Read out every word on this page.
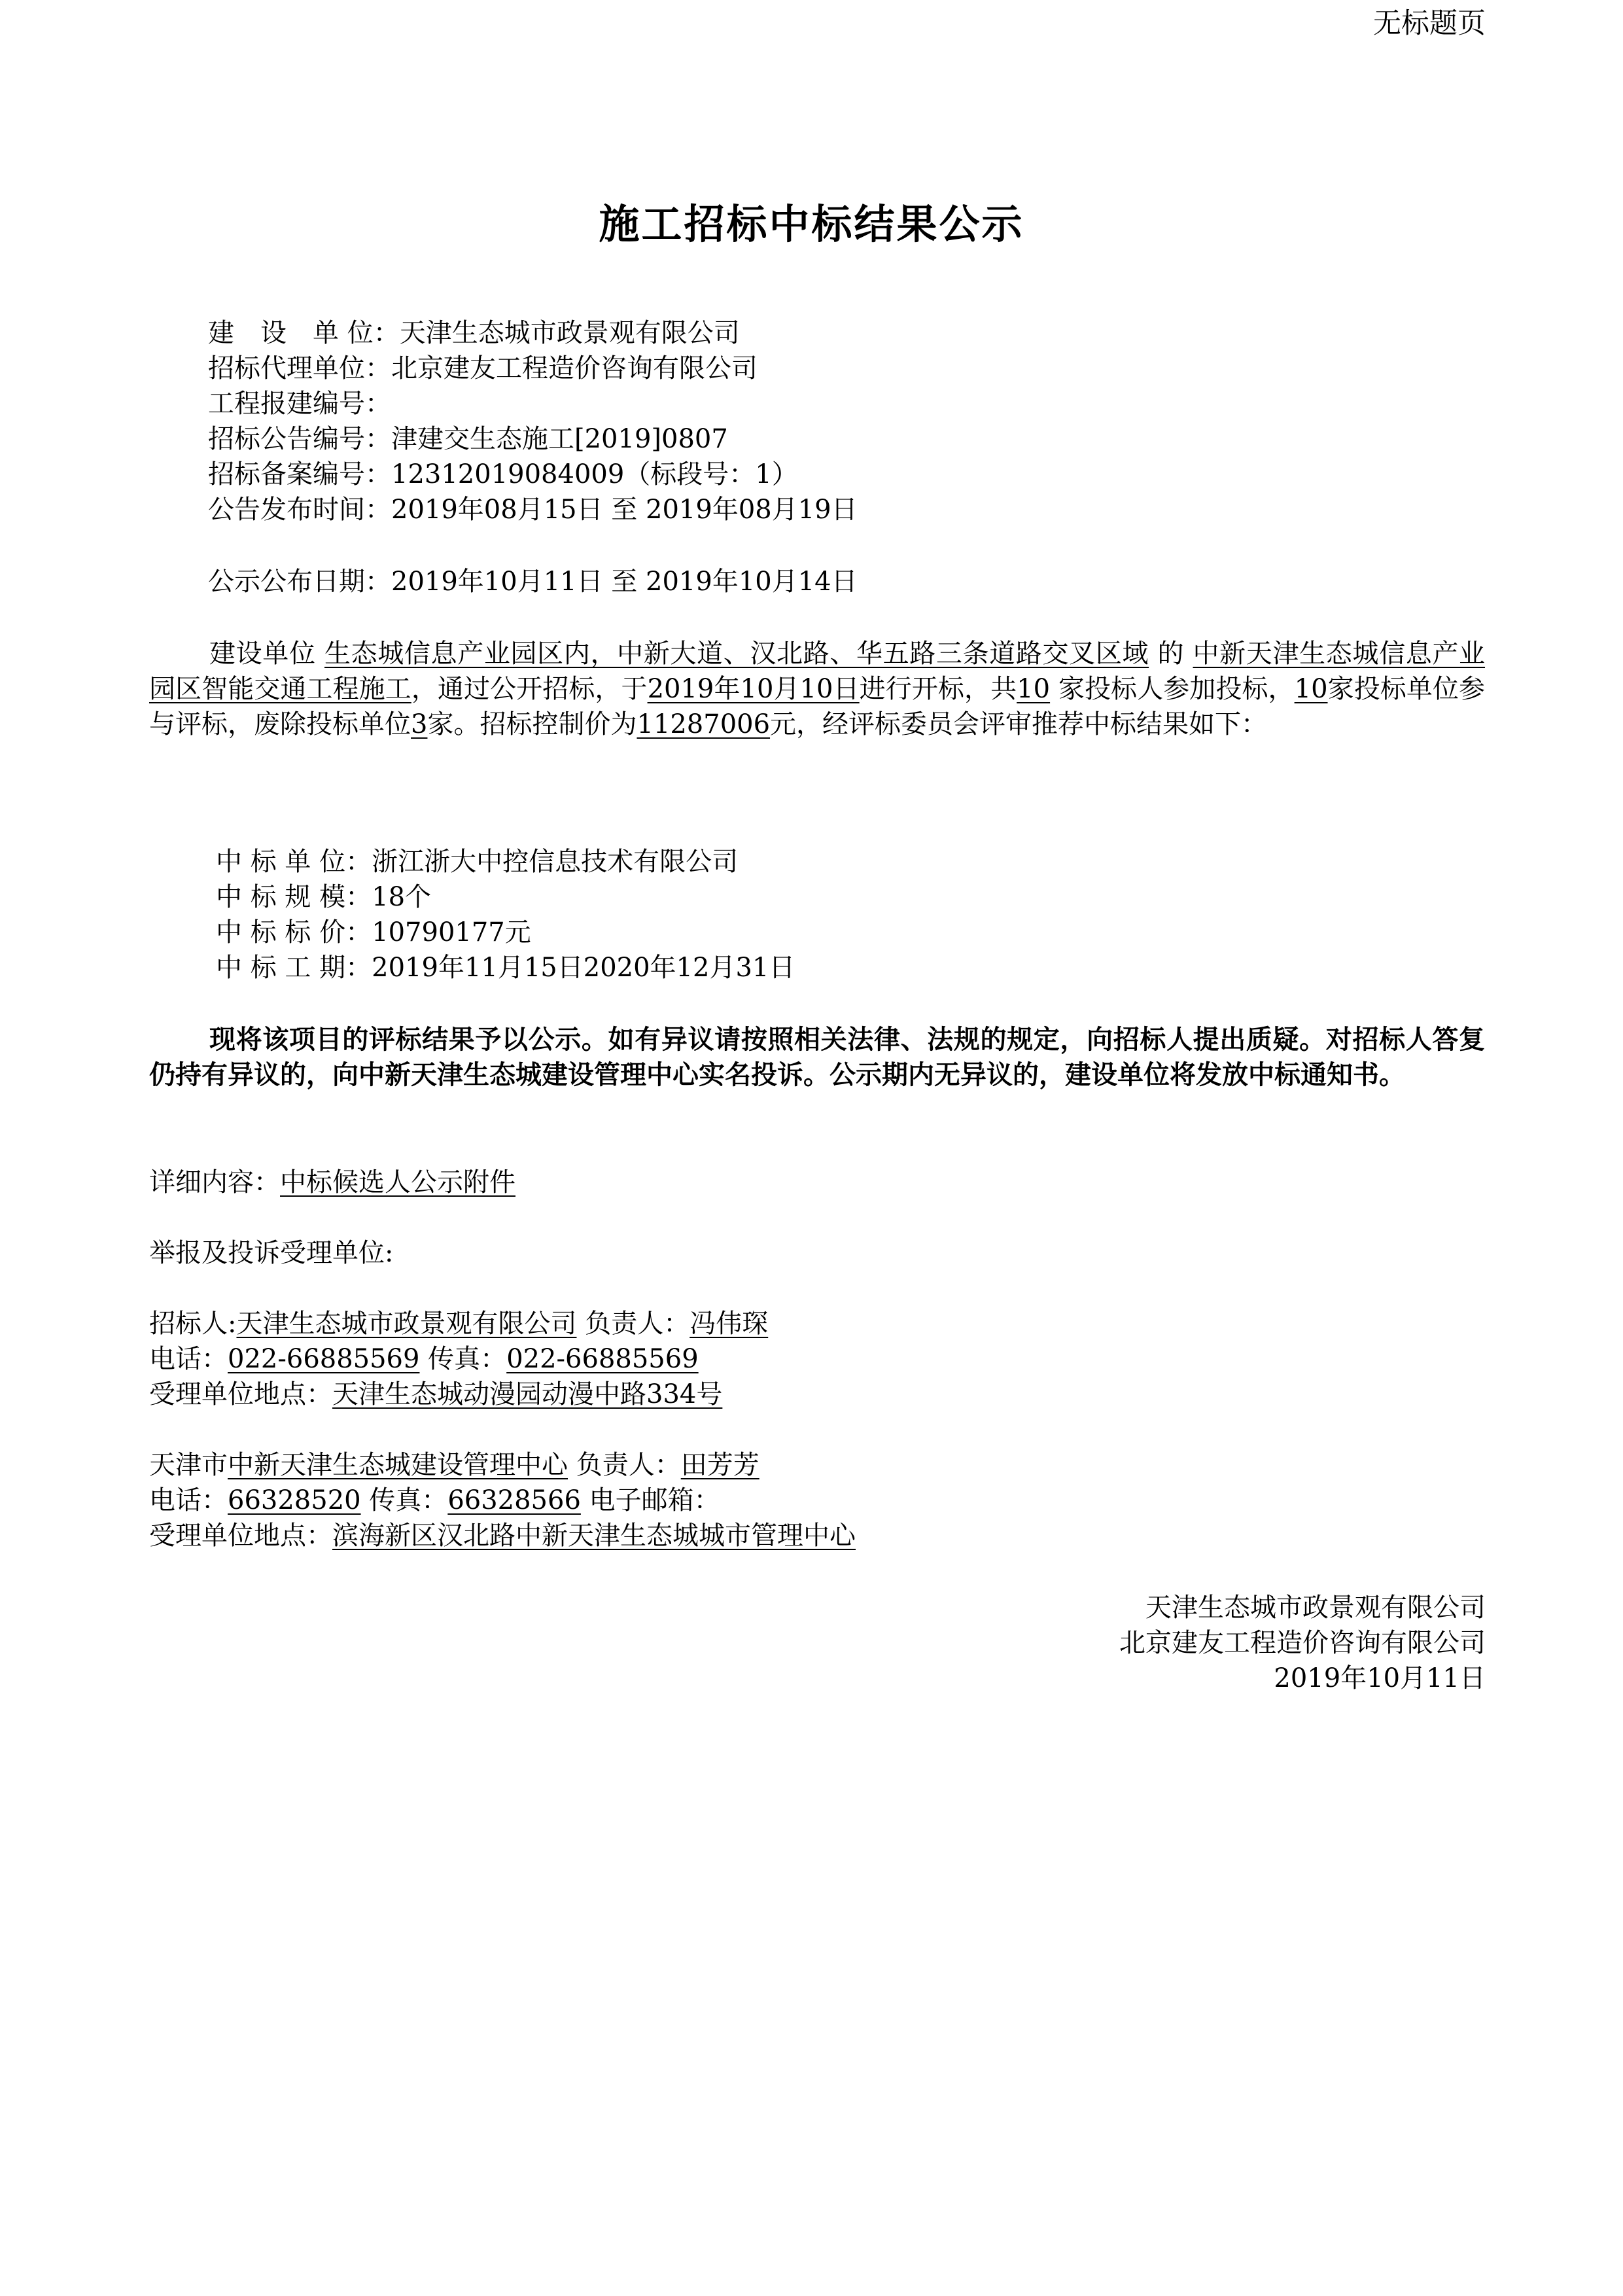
无标题页
施工招标中标结果公示
建　设　单 位：天津生态城市政景观有限公司
招标代理单位：北京建友工程造价咨询有限公司
工程报建编号：
招标公告编号：津建交生态施工[2019]0807
招标备案编号：12312019084009（标段号：1）
公告发布时间：2019年08月15日 至 2019年08月19日
公示公布日期：2019年10月11日 至 2019年10月14日
建设单位 生态城信息产业园区内，中新大道、汉北路、华五路三条道路交叉区域 的 中新天津生态城信息产业园区智能交通工程施工，通过公开招标，于2019年10月10日进行开标，共10 家投标人参加投标，10家投标单位参与评标，废除投标单位3家。招标控制价为11287006元，经评标委员会评审推荐中标结果如下：
中 标 单 位：浙江浙大中控信息技术有限公司
中 标 规 模：18个
中 标 标 价：10790177元
中 标 工 期：2019年11月15日2020年12月31日
现将该项目的评标结果予以公示。如有异议请按照相关法律、法规的规定，向招标人提出质疑。对招标人答复仍持有异议的，向中新天津生态城建设管理中心实名投诉。公示期内无异议的，建设单位将发放中标通知书。
详细内容：中标候选人公示附件
举报及投诉受理单位:
招标人:天津生态城市政景观有限公司 负责人：冯伟琛
电话：022-66885569 传真：022-66885569
受理单位地点：天津生态城动漫园动漫中路334号
天津市中新天津生态城建设管理中心 负责人：田芳芳
电话：66328520 传真：66328566 电子邮箱：
受理单位地点：滨海新区汉北路中新天津生态城城市管理中心
天津生态城市政景观有限公司
北京建友工程造价咨询有限公司
2019年10月11日
